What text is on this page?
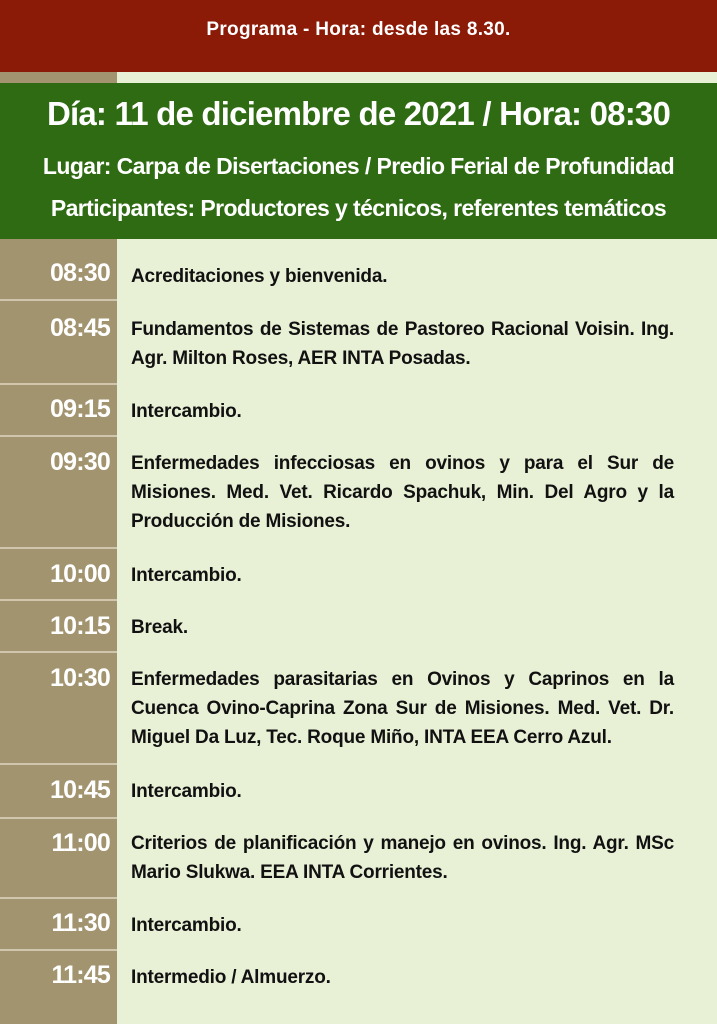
Programa - Hora: desde las 8.30.
Día: 11 de diciembre de 2021 / Hora: 08:30
Lugar: Carpa de Disertaciones / Predio Ferial de Profundidad
Participantes: Productores y técnicos, referentes temáticos
08:30 Acreditaciones y bienvenida.
08:45 Fundamentos de Sistemas de Pastoreo Racional Voisin. Ing. Agr. Milton Roses, AER INTA Posadas.
09:15 Intercambio.
09:30 Enfermedades infecciosas en ovinos y para el Sur de Misiones. Med. Vet. Ricardo Spachuk, Min. Del Agro y la Producción de Misiones.
10:00 Intercambio.
10:15 Break.
10:30 Enfermedades parasitarias en Ovinos y Caprinos en la Cuenca Ovino-Caprina Zona Sur de Misiones. Med. Vet. Dr. Miguel Da Luz, Tec. Roque Miño, INTA EEA Cerro Azul.
10:45 Intercambio.
11:00 Criterios de planificación y manejo en ovinos. Ing. Agr. MSc Mario Slukwa. EEA INTA Corrientes.
11:30 Intercambio.
11:45 Intermedio / Almuerzo.
